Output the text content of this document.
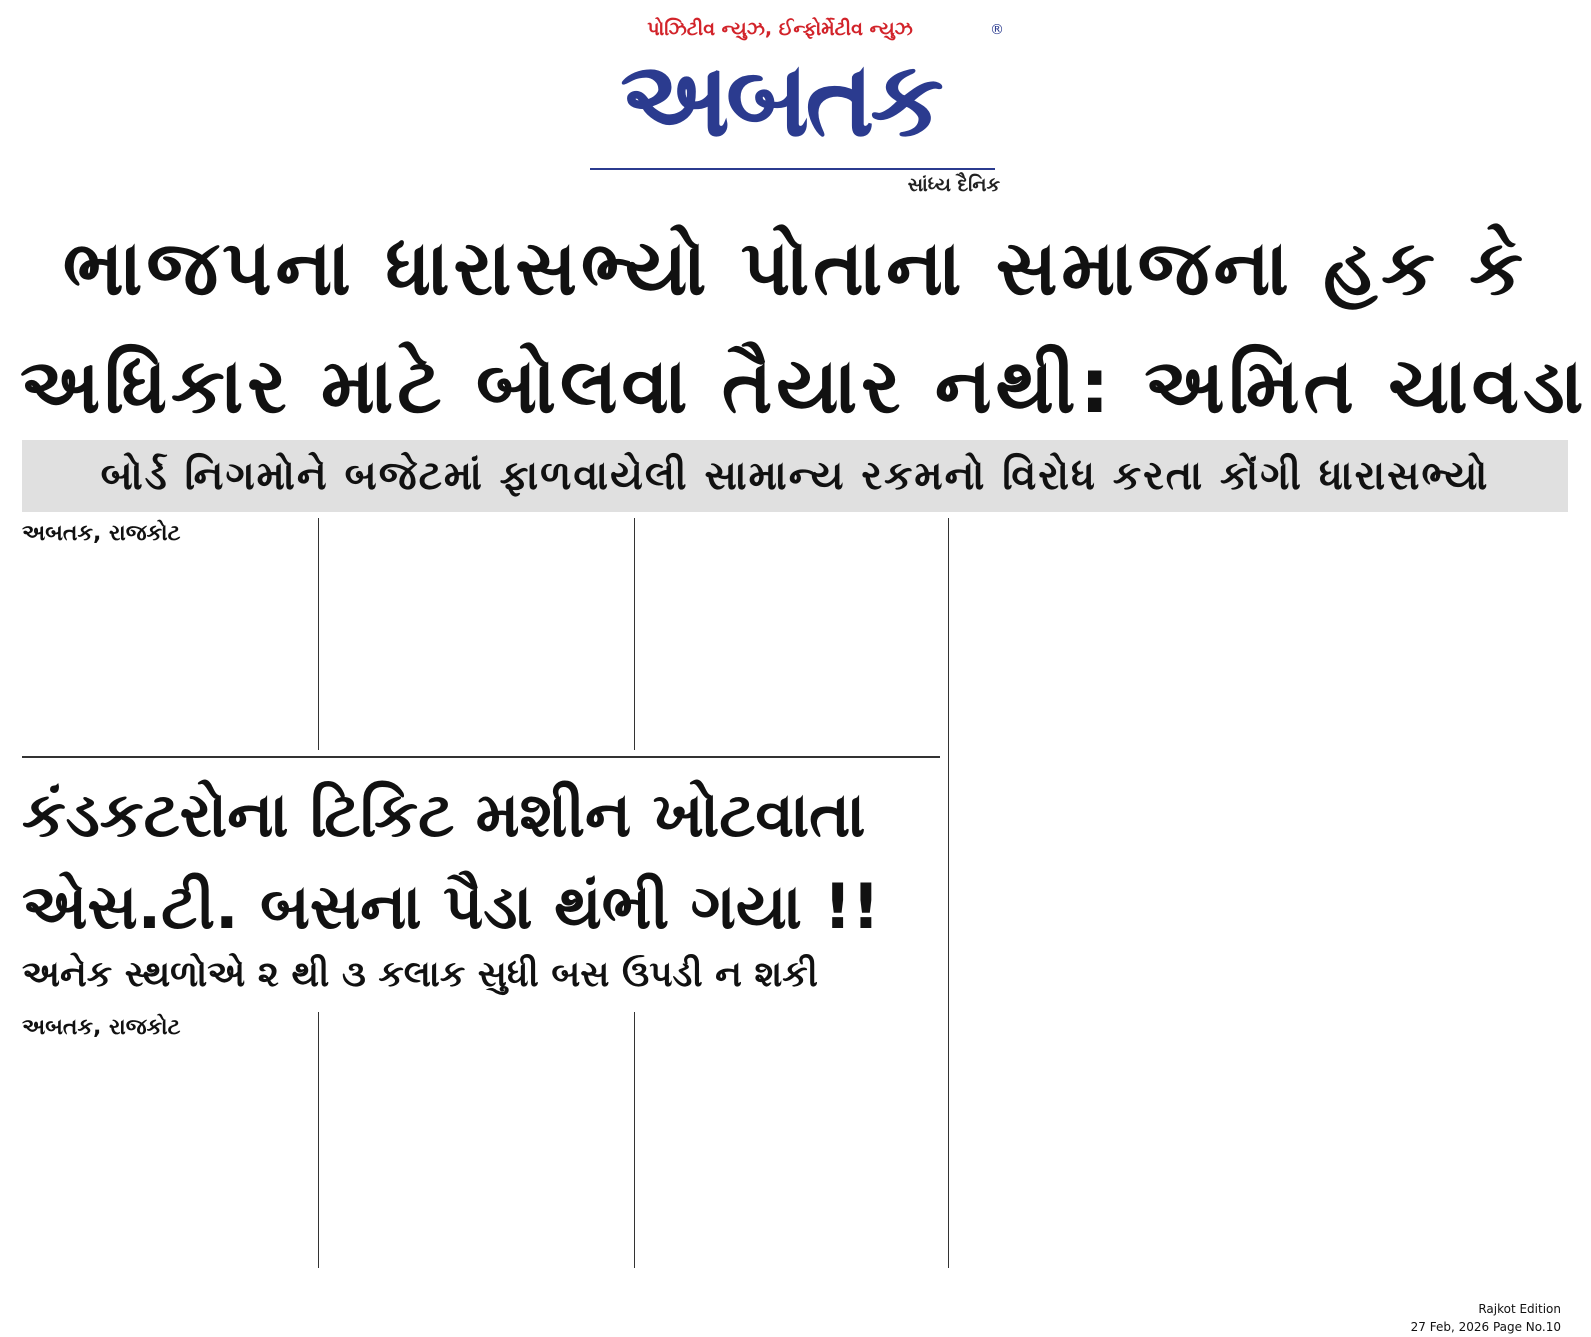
પોઝિટીવ ન્યુઝ, ઈન્ફોર્મેટીવ ન્યુઝ
અબતક
®
સાંધ્ય દૈનિક
ભાજપના ધારાસભ્યો પોતાના સમાજના હક કે
અધિકાર માટે બોલવા તૈયાર નથી: અમિત ચાવડા
બોર્ડ નિગમોને બજેટમાં ફાળવાયેલી સામાન્ય રકમનો વિરોધ કરતા કોંગી ધારાસભ્યો
અબતક, રાજકોટ
કંડકટરોના ટિકિટ મશીન ખોટવાતા
એસ.ટી. બસના પૈડા થંભી ગયા !!
અનેક સ્થળોએ ૨ થી ૩ કલાક સુધી બસ ઉપડી ન શકી
અબતક, રાજકોટ
Rajkot Edition
27 Feb, 2026 Page No.10
